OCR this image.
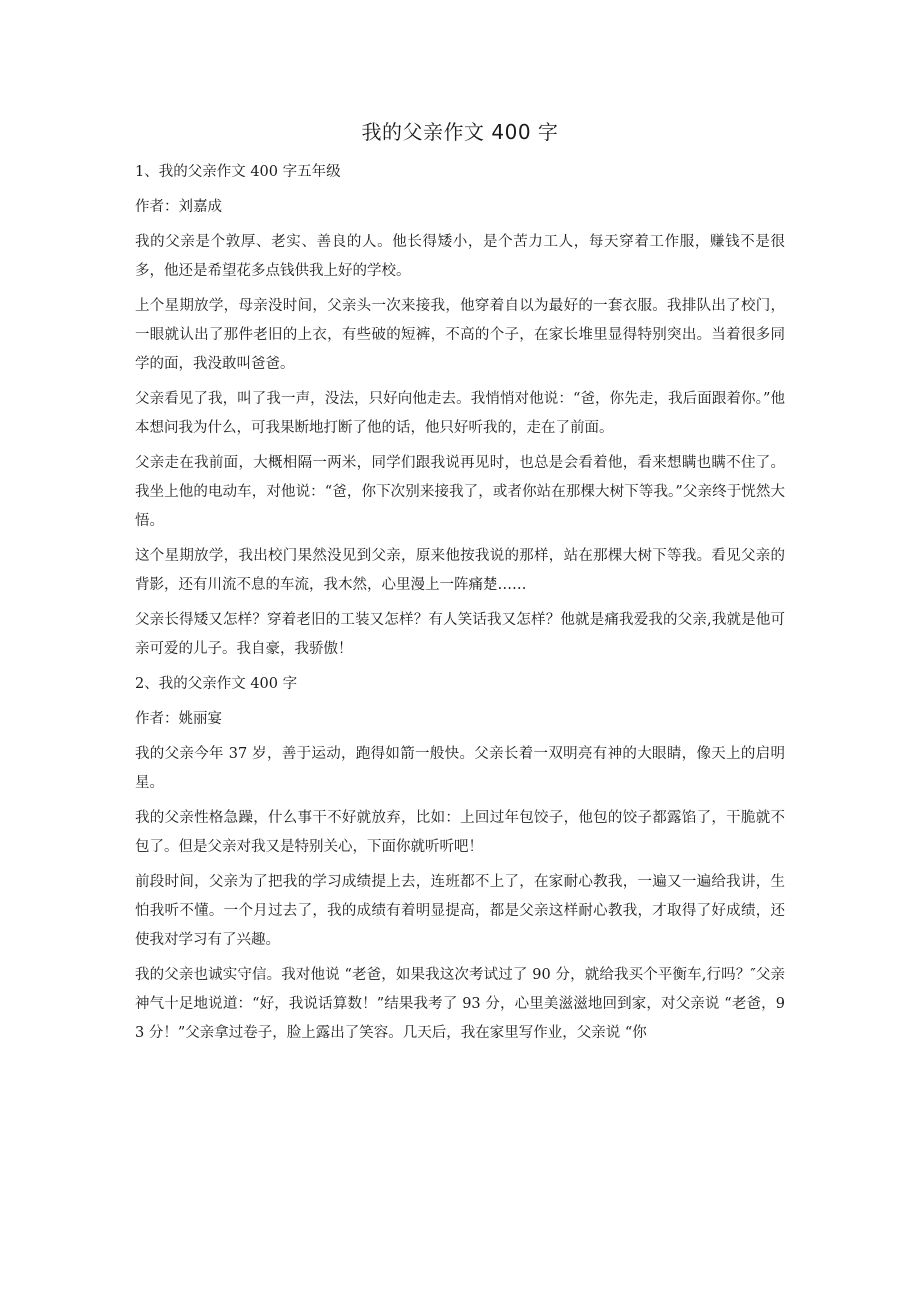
我的父亲作文 400 字

1、我的父亲作文 400 字五年级

作者：刘嘉成

我的父亲是个敦厚、老实、善良的人。他长得矮小，是个苦力工人，每天穿着工作服，赚钱不是很多，他还是希望花多点钱供我上好的学校。

上个星期放学，母亲没时间，父亲头一次来接我，他穿着自以为最好的一套衣服。我排队出了校门，一眼就认出了那件老旧的上衣，有些破的短裤，不高的个子，在家长堆里显得特别突出。当着很多同学的面，我没敢叫爸爸。

父亲看见了我，叫了我一声，没法，只好向他走去。我悄悄对他说：“爸，你先走，我后面跟着你。”他本想问我为什么，可我果断地打断了他的话，他只好听我的，走在了前面。

父亲走在我前面，大概相隔一两米，同学们跟我说再见时，也总是会看着他，看来想瞒也瞒不住了。我坐上他的电动车，对他说：“爸，你下次别来接我了，或者你站在那棵大树下等我。”父亲终于恍然大悟。

这个星期放学，我出校门果然没见到父亲，原来他按我说的那样，站在那棵大树下等我。看见父亲的背影，还有川流不息的车流，我木然，心里漫上一阵痛楚……

父亲长得矮又怎样？穿着老旧的工装又怎样？有人笑话我又怎样？他就是痛我爱我的父亲,我就是他可亲可爱的儿子。我自豪，我骄傲！

2、我的父亲作文 400 字

作者：姚丽宴

我的父亲今年 37 岁，善于运动，跑得如箭一般快。父亲长着一双明亮有神的大眼睛，像天上的启明星。

我的父亲性格急躁，什么事干不好就放弃，比如：上回过年包饺子，他包的饺子都露馅了，干脆就不包了。但是父亲对我又是特别关心，下面你就听听吧！

前段时间，父亲为了把我的学习成绩提上去，连班都不上了，在家耐心教我，一遍又一遍给我讲，生怕我听不懂。一个月过去了，我的成绩有着明显提高，都是父亲这样耐心教我，才取得了好成绩，还使我对学习有了兴趣。

我的父亲也诚实守信。我对他说 “老爸，如果我这次考试过了 90 分，就给我买个平衡车,行吗？″父亲神气十足地说道：“好，我说话算数！”结果我考了 93 分，心里美滋滋地回到家，对父亲说 “老爸，93 分！”父亲拿过卷子，脸上露出了笑容。几天后，我在家里写作业，父亲说 “你
